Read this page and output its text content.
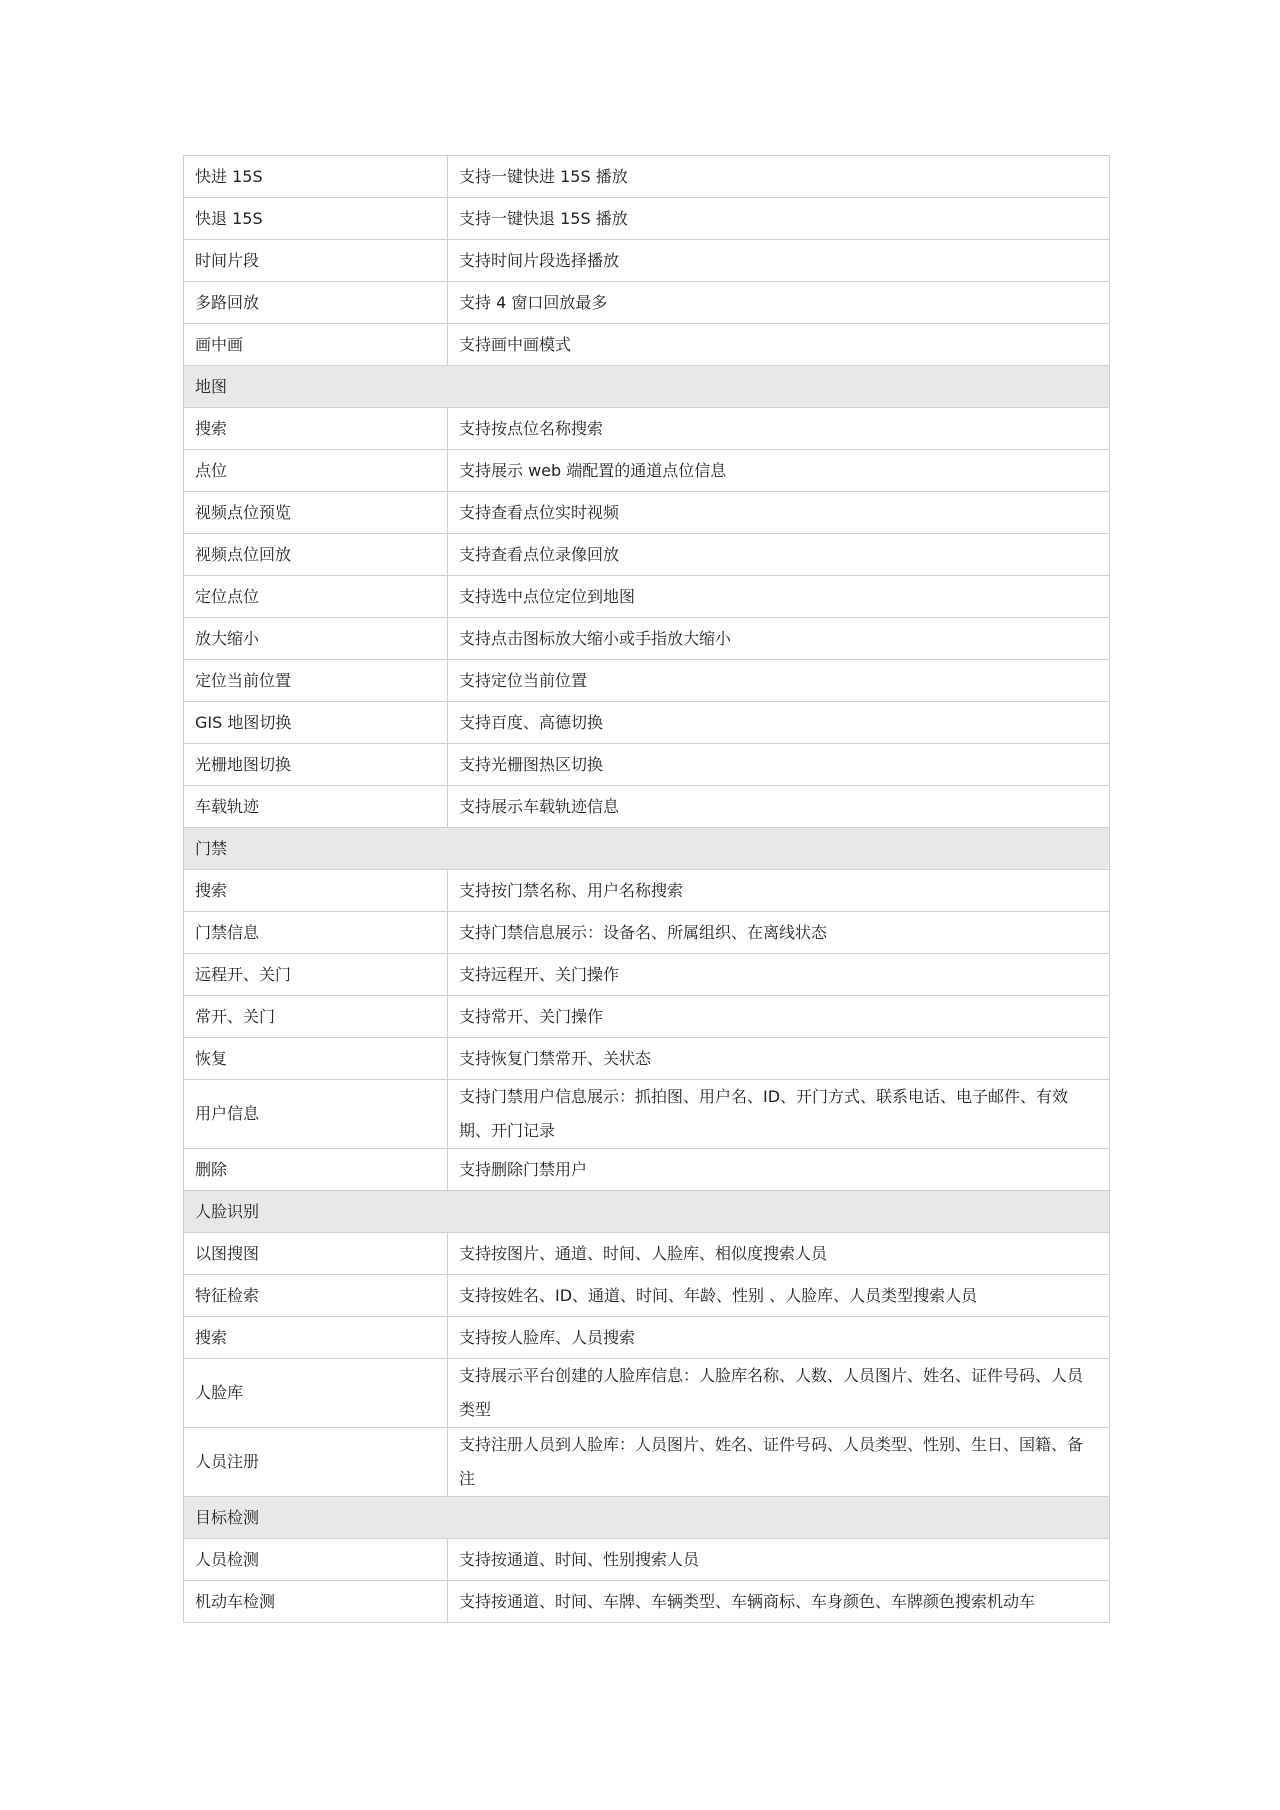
快进 15S	支持一键快进 15S 播放
快退 15S	支持一键快退 15S 播放
时间片段	支持时间片段选择播放
多路回放	支持 4 窗口回放最多
画中画	支持画中画模式
地图	
搜索	支持按点位名称搜索
点位	支持展示 web 端配置的通道点位信息
视频点位预览	支持查看点位实时视频
视频点位回放	支持查看点位录像回放
定位点位	支持选中点位定位到地图
放大缩小	支持点击图标放大缩小或手指放大缩小
定位当前位置	支持定位当前位置
GIS 地图切换	支持百度、高德切换
光栅地图切换	支持光栅图热区切换
车载轨迹	支持展示车载轨迹信息
门禁	
搜索	支持按门禁名称、用户名称搜索
门禁信息	支持门禁信息展示：设备名、所属组织、在离线状态
远程开、关门	支持远程开、关门操作
常开、关门	支持常开、关门操作
恢复	支持恢复门禁常开、关状态
用户信息	支持门禁用户信息展示：抓拍图、用户名、ID、开门方式、联系电话、电子邮件、有效期、开门记录
删除	支持删除门禁用户
人脸识别	
以图搜图	支持按图片、通道、时间、人脸库、相似度搜索人员
特征检索	支持按姓名、ID、通道、时间、年龄、性别 、人脸库、人员类型搜索人员
搜索	支持按人脸库、人员搜索
人脸库	支持展示平台创建的人脸库信息：人脸库名称、人数、人员图片、姓名、证件号码、人员类型
人员注册	支持注册人员到人脸库：人员图片、姓名、证件号码、人员类型、性别、生日、国籍、备注
目标检测	
人员检测	支持按通道、时间、性别搜索人员
机动车检测	支持按通道、时间、车牌、车辆类型、车辆商标、车身颜色、车牌颜色搜索机动车
